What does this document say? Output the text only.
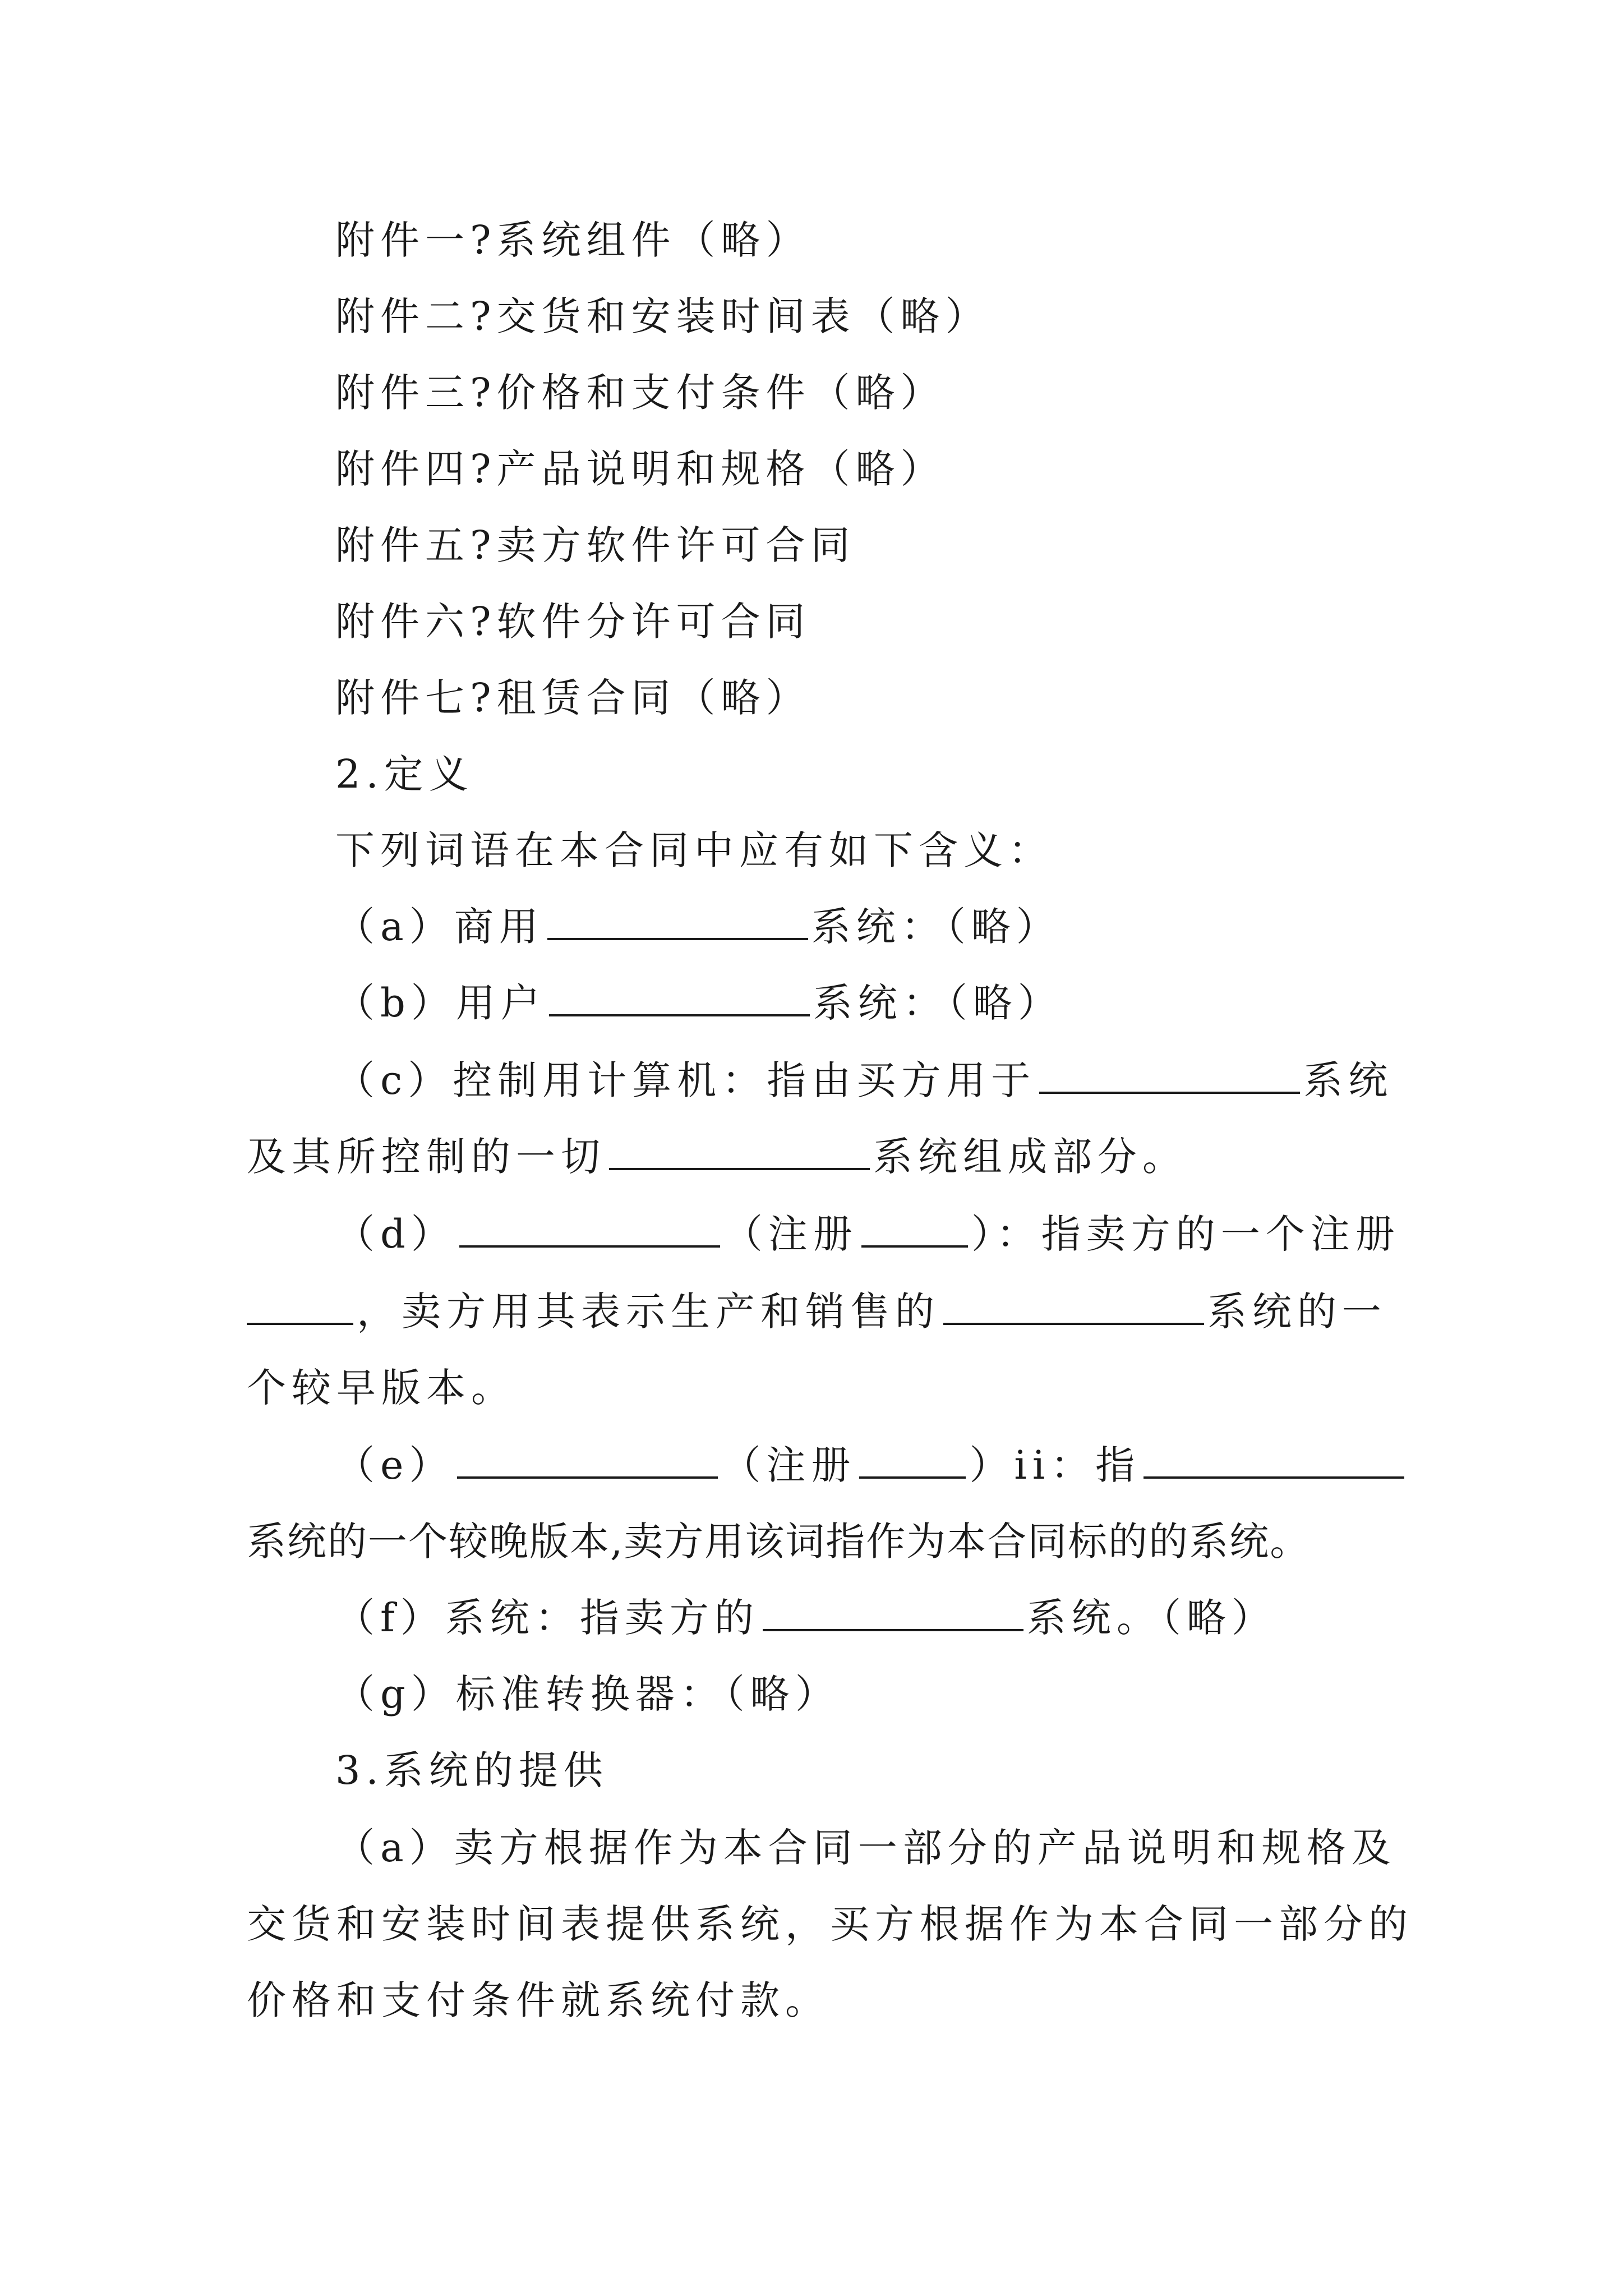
附件一?系统组件（略）
附件二?交货和安装时间表（略）
附件三?价格和支付条件（略）
附件四?产品说明和规格（略）
附件五?卖方软件许可合同
附件六?软件分许可合同
附件七?租赁合同（略）
2.定义
下列词语在本合同中应有如下含义：
（a）商用	系统：（略）
（b）用户	系统：（略）
（c）控制用计算机：指由买方用于	系统
及其所控制的一切	系统组成部分。
（d）	（注册	）：指卖方的一个注册
，卖方用其表示生产和销售的	系统的一
个较早版本。
（e）	（注册	）ii：指
系统的一个较晚版本,卖方用该词指作为本合同标的的系统。
（f）系统：指卖方的	系统。（略）
（g）标准转换器：（略）
3.系统的提供
（a）卖方根据作为本合同一部分的产品说明和规格及
交货和安装时间表提供系统，买方根据作为本合同一部分的
价格和支付条件就系统付款。
